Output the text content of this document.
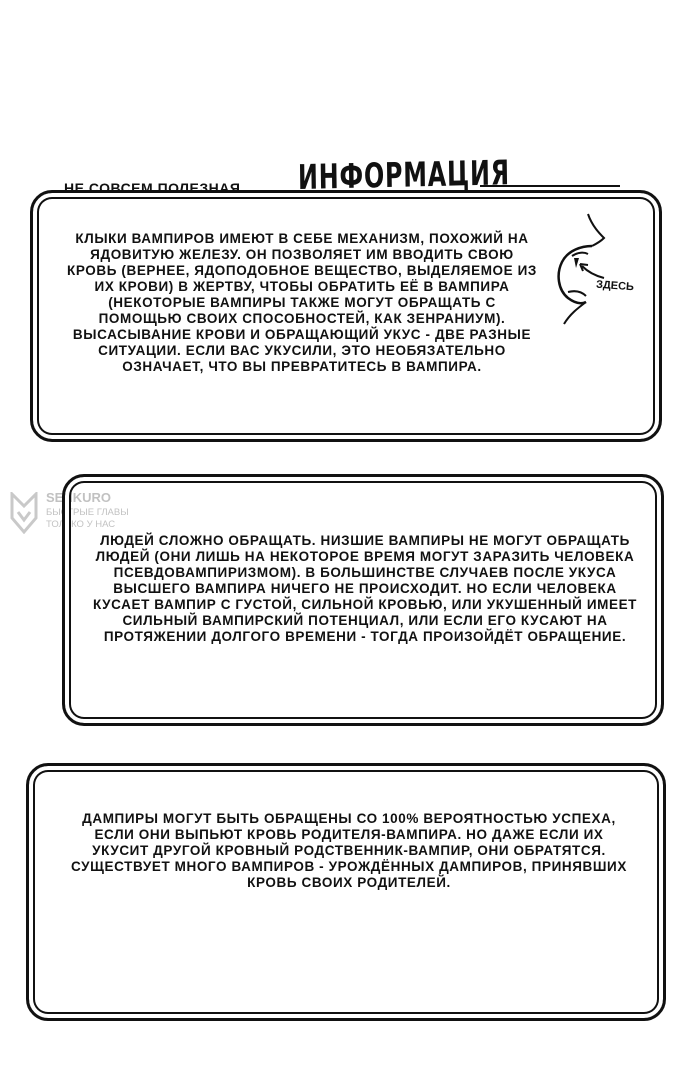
НЕ СОВСЕМ ПОЛЕЗНАЯ ИНФОРМАЦИЯ

КЛЫКИ ВАМПИРОВ ИМЕЮТ В СЕБЕ МЕХАНИЗМ, ПОХОЖИЙ НА ЯДОВИТУЮ ЖЕЛЕЗУ. ОН ПОЗВОЛЯЕТ ИМ ВВОДИТЬ СВОЮ КРОВЬ (ВЕРНЕЕ, ЯДОПОДОБНОЕ ВЕЩЕСТВО, ВЫДЕЛЯЕМОЕ ИЗ ИХ КРОВИ) В ЖЕРТВУ, ЧТОБЫ ОБРАТИТЬ ЕЁ В ВАМПИРА (НЕКОТОРЫЕ ВАМПИРЫ ТАКЖЕ МОГУТ ОБРАЩАТЬ С ПОМОЩЬЮ СВОИХ СПОСОБНОСТЕЙ, КАК ЗЕНРАНИУМ). ВЫСАСЫВАНИЕ КРОВИ И ОБРАЩАЮЩИЙ УКУС - ДВЕ РАЗНЫЕ СИТУАЦИИ. ЕСЛИ ВАС УКУСИЛИ, ЭТО НЕОБЯЗАТЕЛЬНО ОЗНАЧАЕТ, ЧТО ВЫ ПРЕВРАТИТЕСЬ В ВАМПИРА.

ЗДЕСЬ
SENKURO
БЫСТРЫЕ ГЛАВЫ
ТОЛЬКО У НАС

ЛЮДЕЙ СЛОЖНО ОБРАЩАТЬ. НИЗШИЕ ВАМПИРЫ НЕ МОГУТ ОБРАЩАТЬ ЛЮДЕЙ (ОНИ ЛИШЬ НА НЕКОТОРОЕ ВРЕМЯ МОГУТ ЗАРАЗИТЬ ЧЕЛОВЕКА ПСЕВДОВАМПИРИЗМОМ). В БОЛЬШИНСТВЕ СЛУЧАЕВ ПОСЛЕ УКУСА ВЫСШЕГО ВАМПИРА НИЧЕГО НЕ ПРОИСХОДИТ. НО ЕСЛИ ЧЕЛОВЕКА КУСАЕТ ВАМПИР С ГУСТОЙ, СИЛЬНОЙ КРОВЬЮ, ИЛИ УКУШЕННЫЙ ИМЕЕТ СИЛЬНЫЙ ВАМПИРСКИЙ ПОТЕНЦИАЛ, ИЛИ ЕСЛИ ЕГО КУСАЮТ НА ПРОТЯЖЕНИИ ДОЛГОГО ВРЕМЕНИ - ТОГДА ПРОИЗОЙДЁТ ОБРАЩЕНИЕ.

ДАМПИРЫ МОГУТ БЫТЬ ОБРАЩЕНЫ СО 100% ВЕРОЯТНОСТЬЮ УСПЕХА, ЕСЛИ ОНИ ВЫПЬЮТ КРОВЬ РОДИТЕЛЯ-ВАМПИРА. НО ДАЖЕ ЕСЛИ ИХ УКУСИТ ДРУГОЙ КРОВНЫЙ РОДСТВЕННИК-ВАМПИР, ОНИ ОБРАТЯТСЯ. СУЩЕСТВУЕТ МНОГО ВАМПИРОВ - УРОЖДЁННЫХ ДАМПИРОВ, ПРИНЯВШИХ КРОВЬ СВОИХ РОДИТЕЛЕЙ.
